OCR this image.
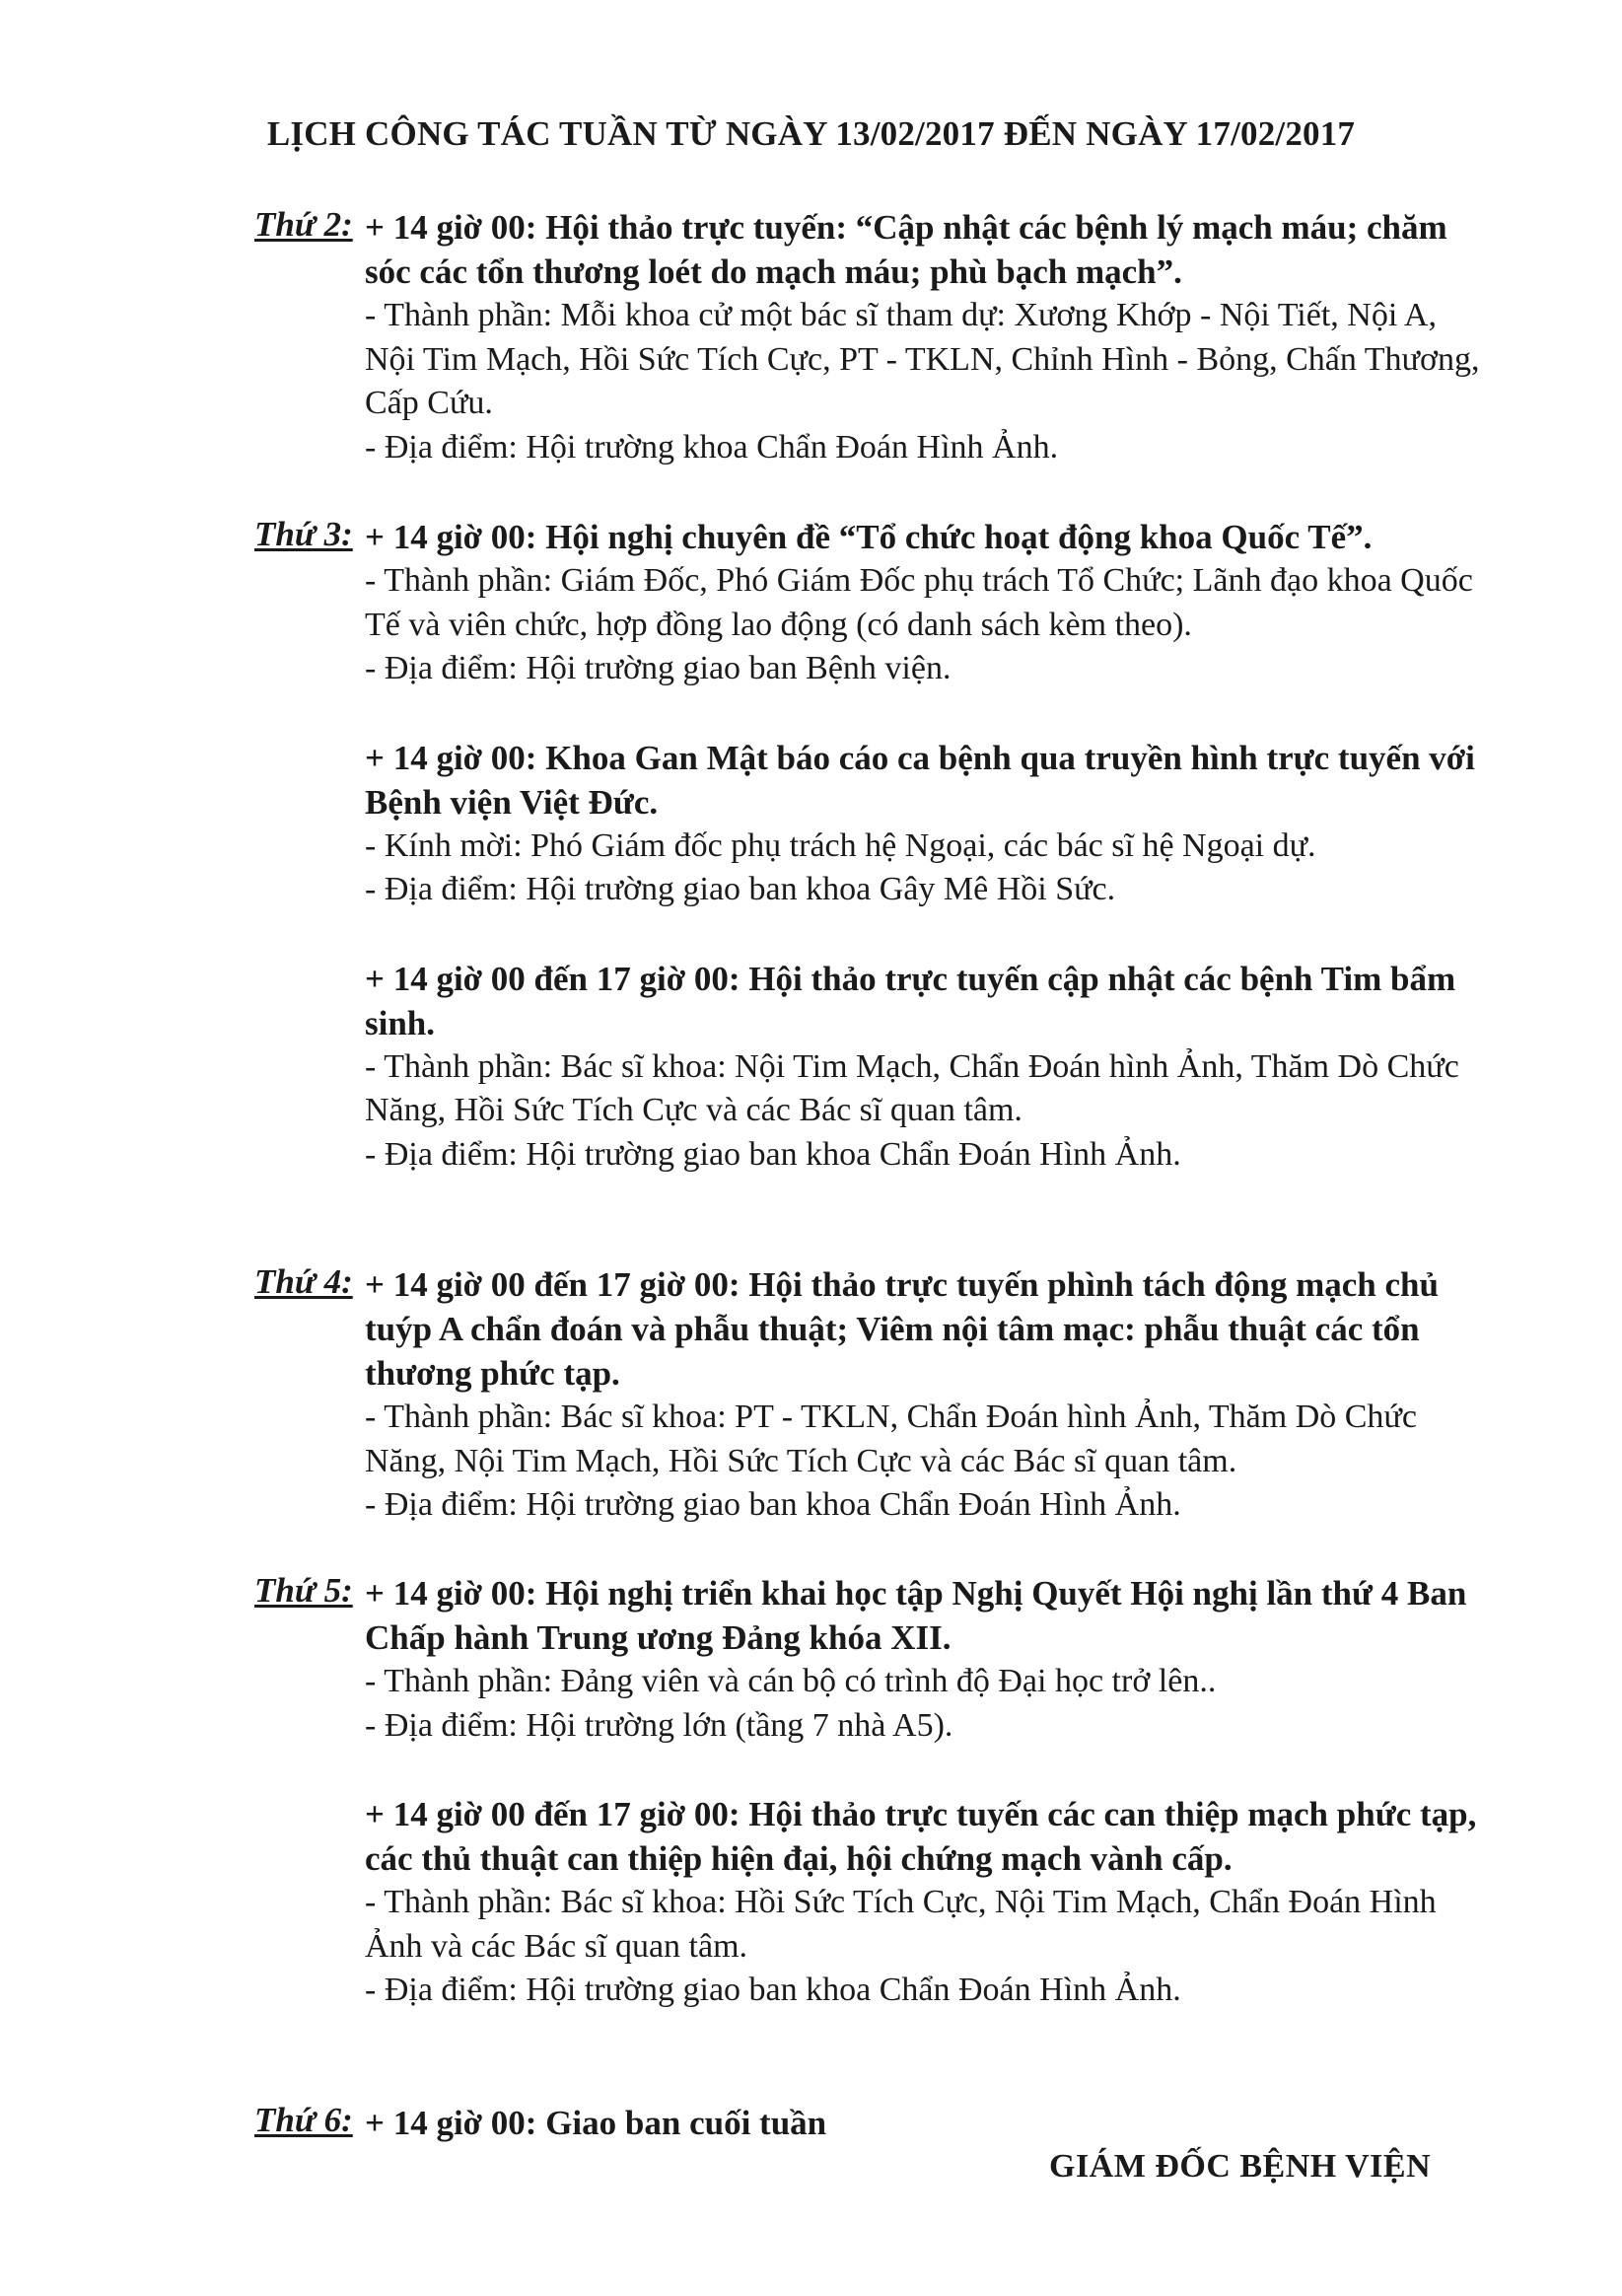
LỊCH CÔNG TÁC TUẦN TỪ NGÀY 13/02/2017 ĐẾN NGÀY 17/02/2017
Thứ 2: + 14 giờ 00: Hội thảo trực tuyến: “Cập nhật các bệnh lý mạch máu; chăm sóc các tổn thương loét do mạch máu; phù bạch mạch”.

- Thành phần: Mỗi khoa cử một bác sĩ tham dự: Xương Khớp - Nội Tiết, Nội A, Nội Tim Mạch, Hồi Sức Tích Cực, PT - TKLN, Chỉnh Hình - Bỏng, Chấn Thương, Cấp Cứu.

- Địa điểm: Hội trường khoa Chẩn Đoán Hình Ảnh.

Thứ 3: + 14 giờ 00: Hội nghị chuyên đề “Tổ chức hoạt động khoa Quốc Tế”.

- Thành phần: Giám Đốc, Phó Giám Đốc phụ trách Tổ Chức; Lãnh đạo khoa Quốc Tế và viên chức, hợp đồng lao động (có danh sách kèm theo).

- Địa điểm: Hội trường giao ban Bệnh viện.

+ 14 giờ 00: Khoa Gan Mật báo cáo ca bệnh qua truyền hình trực tuyến với Bệnh viện Việt Đức.

- Kính mời: Phó Giám đốc phụ trách hệ Ngoại, các bác sĩ hệ Ngoại dự.

- Địa điểm: Hội trường giao ban khoa Gây Mê Hồi Sức.

+ 14 giờ 00 đến 17 giờ 00: Hội thảo trực tuyến cập nhật các bệnh Tim bẩm sinh.

- Thành phần: Bác sĩ khoa: Nội Tim Mạch, Chẩn Đoán hình Ảnh, Thăm Dò Chức Năng, Hồi Sức Tích Cực và các Bác sĩ quan tâm.

- Địa điểm: Hội trường giao ban khoa Chẩn Đoán Hình Ảnh.

Thứ 4: + 14 giờ 00 đến 17 giờ 00: Hội thảo trực tuyến phình tách động mạch chủ tuýp A chẩn đoán và phẫu thuật; Viêm nội tâm mạc: phẫu thuật các tổn thương phức tạp.

- Thành phần: Bác sĩ khoa: PT - TKLN, Chẩn Đoán hình Ảnh, Thăm Dò Chức Năng, Nội Tim Mạch, Hồi Sức Tích Cực và các Bác sĩ quan tâm.

- Địa điểm: Hội trường giao ban khoa Chẩn Đoán Hình Ảnh.

Thứ 5: + 14 giờ 00: Hội nghị triển khai học tập Nghị Quyết Hội nghị lần thứ 4 Ban Chấp hành Trung ương Đảng khóa XII.

- Thành phần: Đảng viên và cán bộ có trình độ Đại học trở lên..

- Địa điểm: Hội trường lớn (tầng 7 nhà A5).

+ 14 giờ 00 đến 17 giờ 00: Hội thảo trực tuyến các can thiệp mạch phức tạp, các thủ thuật can thiệp hiện đại, hội chứng mạch vành cấp.

- Thành phần: Bác sĩ khoa: Hồi Sức Tích Cực, Nội Tim Mạch, Chẩn Đoán Hình Ảnh và các Bác sĩ quan tâm.

- Địa điểm: Hội trường giao ban khoa Chẩn Đoán Hình Ảnh.

Thứ 6: + 14 giờ 00: Giao ban cuối tuần

GIÁM ĐỐC BỆNH VIỆN
